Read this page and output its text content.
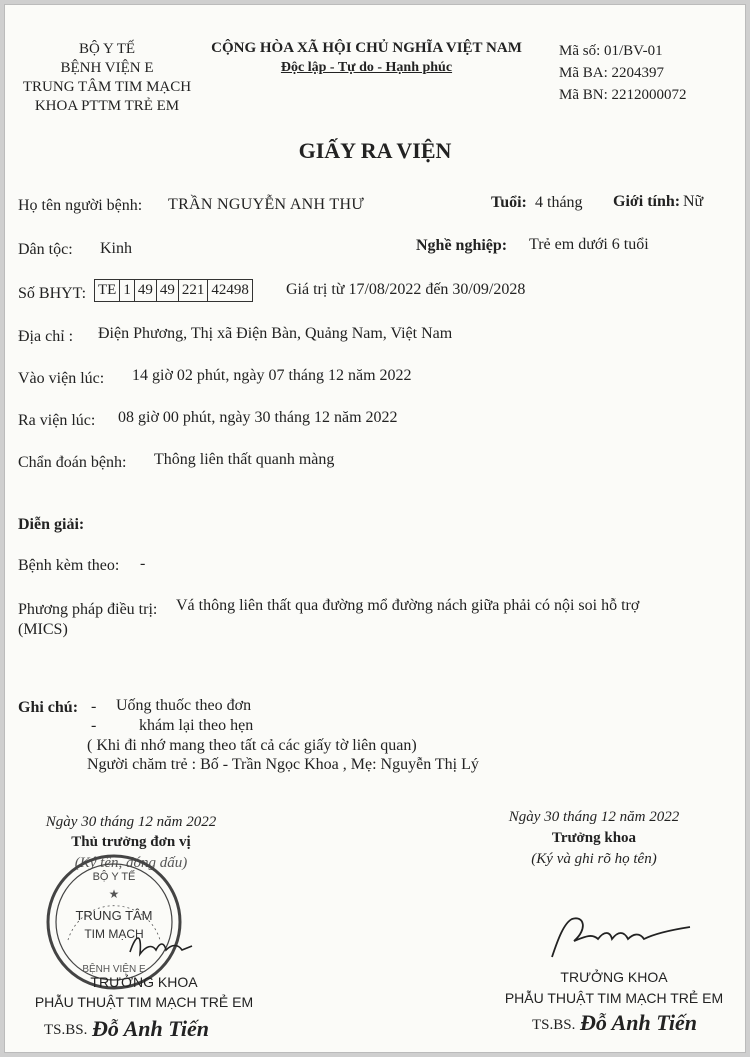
BỘ Y TẾ
BỆNH VIỆN E
TRUNG TÂM TIM MẠCH
KHOA PTTM TRẺ EM
CỘNG HÒA XÃ HỘI CHỦ NGHĨA VIỆT NAM
Độc lập - Tự do - Hạnh phúc
Mã số: 01/BV-01
Mã BA: 2204397
Mã BN: 2212000072
GIẤY RA VIỆN
Họ tên người bệnh: TRẦN NGUYỄN ANH THƯ	Tuổi: 4 tháng Giới tính: Nữ
Dân tộc: Kinh	Nghề nghiệp: Trẻ em dưới 6 tuổi
Số BHYT: TE 1 49 49 221 42498 Giá trị từ 17/08/2022 đến 30/09/2028
Địa chỉ : Điện Phương, Thị xã Điện Bàn, Quảng Nam, Việt Nam
Vào viện lúc: 14 giờ 02 phút, ngày 07 tháng 12 năm 2022
Ra viện lúc: 08 giờ 00 phút, ngày 30 tháng 12 năm 2022
Chẩn đoán bệnh: Thông liên thất quanh màng
Diễn giải:
Bệnh kèm theo: -
Phương pháp điều trị: Vá thông liên thất qua đường mổ đường nách giữa phải có nội soi hỗ trợ
(MICS)
Ghi chú: - Uống thuốc theo đơn
-	khám lại theo hẹn
( Khi đi nhớ mang theo tất cả các giấy tờ liên quan)
Người chăm trẻ : Bố - Trần Ngọc Khoa , Mẹ: Nguyễn Thị Lý
Ngày 30 tháng 12 năm 2022
Thủ trưởng đơn vị
(Ký tên, đóng dấu)
BỘ Y TẾ
TRUNG TÂM
TIM MẠCH
BỆNH VIỆN E
★
TRƯỞNG KHOA
PHẪU THUẬT TIM MẠCH TRẺ EM
TS.BS. Đỗ Anh Tiến
Ngày 30 tháng 12 năm 2022
Trưởng khoa
(Ký và ghi rõ họ tên)
TRƯỞNG KHOA
PHẪU THUẬT TIM MẠCH TRẺ EM
TS.BS. Đỗ Anh Tiến
